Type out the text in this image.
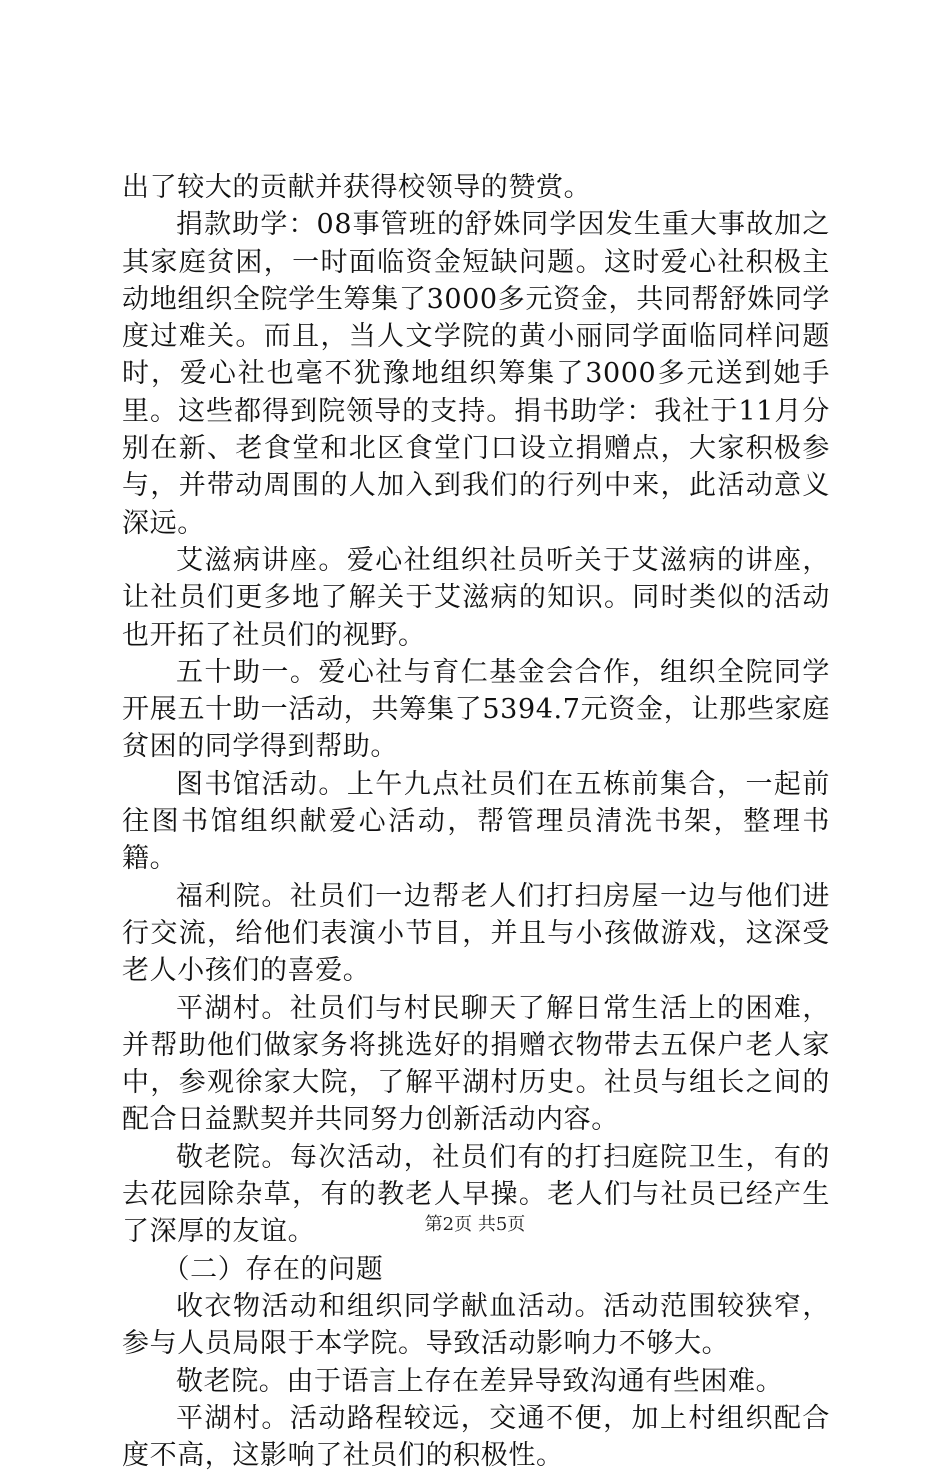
出了较大的贡献并获得校领导的赞赏。

捐款助学：08事管班的舒姝同学因发生重大事故加之其家庭贫困，一时面临资金短缺问题。这时爱心社积极主动地组织全院学生筹集了3000多元资金，共同帮舒姝同学度过难关。而且，当人文学院的黄小丽同学面临同样问题时，爱心社也毫不犹豫地组织筹集了3000多元送到她手里。这些都得到院领导的支持。捐书助学：我社于11月分别在新、老食堂和北区食堂门口设立捐赠点，大家积极参与，并带动周围的人加入到我们的行列中来，此活动意义深远。

艾滋病讲座。爱心社组织社员听关于艾滋病的讲座，让社员们更多地了解关于艾滋病的知识。同时类似的活动也开拓了社员们的视野。

五十助一。爱心社与育仁基金会合作，组织全院同学开展五十助一活动，共筹集了5394.7元资金，让那些家庭贫困的同学得到帮助。

图书馆活动。上午九点社员们在五栋前集合，一起前往图书馆组织献爱心活动，帮管理员清洗书架，整理书籍。

福利院。社员们一边帮老人们打扫房屋一边与他们进行交流，给他们表演小节目，并且与小孩做游戏，这深受老人小孩们的喜爱。

平湖村。社员们与村民聊天了解日常生活上的困难，并帮助他们做家务将挑选好的捐赠衣物带去五保户老人家中，参观徐家大院，了解平湖村历史。社员与组长之间的配合日益默契并共同努力创新活动内容。

敬老院。每次活动，社员们有的打扫庭院卫生，有的去花园除杂草，有的教老人早操。老人们与社员已经产生了深厚的友谊。

（二）存在的问题

收衣物活动和组织同学献血活动。活动范围较狭窄，参与人员局限于本学院。导致活动影响力不够大。

敬老院。由于语言上存在差异导致沟通有些困难。

平湖村。活动路程较远，交通不便，加上村组织配合度不高，这影响了社员们的积极性。

第2页 共5页
